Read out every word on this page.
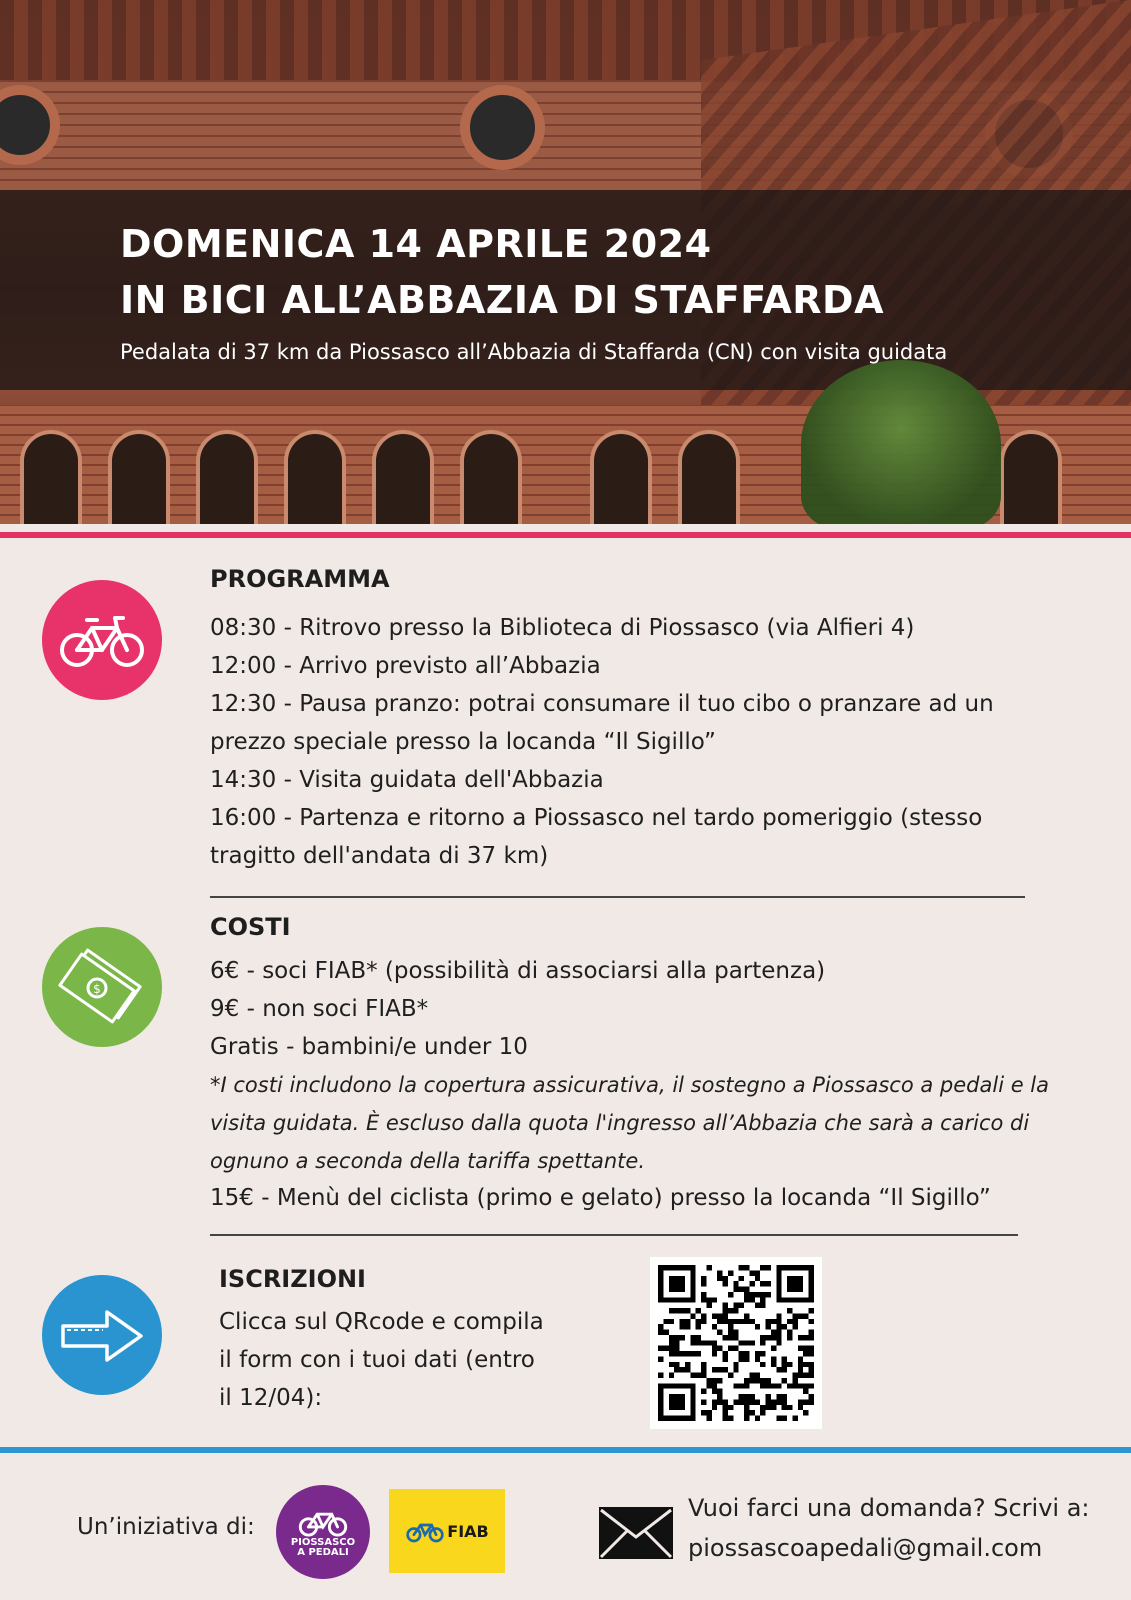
DOMENICA 14 APRILE 2024
IN BICI ALL’ABBAZIA DI STAFFARDA
Pedalata di 37 km da Piossasco all’Abbazia di Staffarda (CN) con visita guidata
PROGRAMMA
08:30 - Ritrovo presso la Biblioteca di Piossasco (via Alfieri 4)
12:00 - Arrivo previsto all’Abbazia
12:30 - Pausa pranzo: potrai consumare il tuo cibo o pranzare ad un
prezzo speciale presso la locanda “Il Sigillo”
14:30 - Visita guidata dell'Abbazia
16:00 - Partenza e ritorno a Piossasco nel tardo pomeriggio (stesso
tragitto dell'andata di 37 km)
$
COSTI
6€ - soci FIAB* (possibilità di associarsi alla partenza)
9€ - non soci FIAB*
Gratis - bambini/e under 10
*I costi includono la copertura assicurativa, il sostegno a Piossasco a pedali e la
visita guidata. È escluso dalla quota l'ingresso all’Abbazia che sarà a carico di
ognuno a seconda della tariffa spettante.
15€ - Menù del ciclista (primo e gelato) presso la locanda “Il Sigillo”
ISCRIZIONI
Clicca sul QRcode e compila
il form con i tuoi dati (entro
il 12/04):
Un’iniziativa di:
PIOSSASCO
A PEDALI
FIAB
Vuoi farci una domanda? Scrivi a:
piossascoapedali@gmail.com
